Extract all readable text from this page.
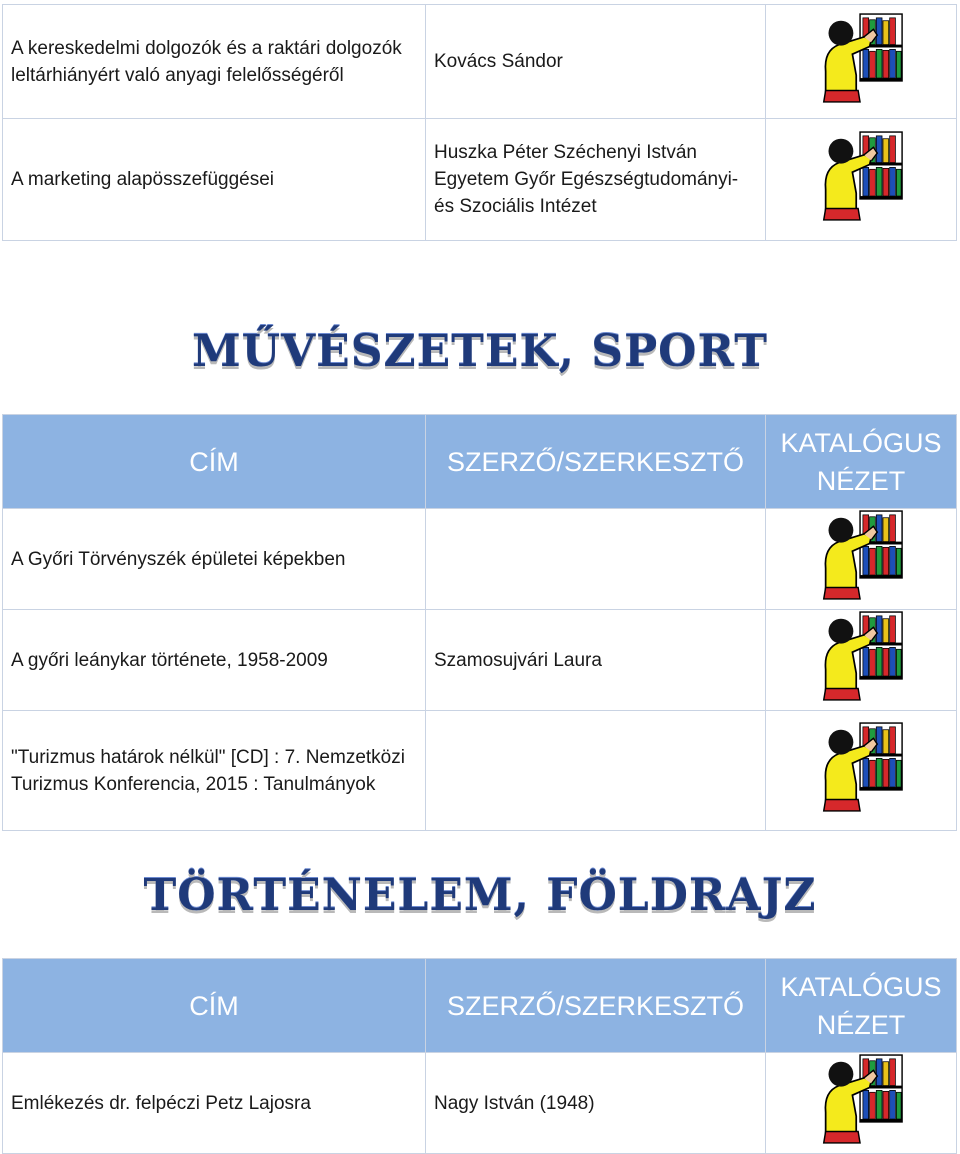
A kereskedelmi dolgozók és a raktári dolgozók leltárhiányért való anyagi felelősségéről	Kovács Sándor	
A marketing alapösszefüggései	Huszka Péter Széchenyi István Egyetem Győr Egészségtudományi- és Szociális Intézet	
MŰVÉSZETEK, SPORT
CÍM	SZERZŐ/SZERKESZTŐ	KATALÓGUS NÉZET
A Győri Törvényszék épületei képekben		
A győri leánykar története, 1958-2009	Szamosujvári Laura	
"Turizmus határok nélkül" [CD] : 7. Nemzetközi Turizmus Konferencia, 2015 : Tanulmányok		
TÖRTÉNELEM, FÖLDRAJZ
CÍM	SZERZŐ/SZERKESZTŐ	KATALÓGUS NÉZET
Emlékezés dr. felpéczi Petz Lajosra	Nagy István (1948)	
